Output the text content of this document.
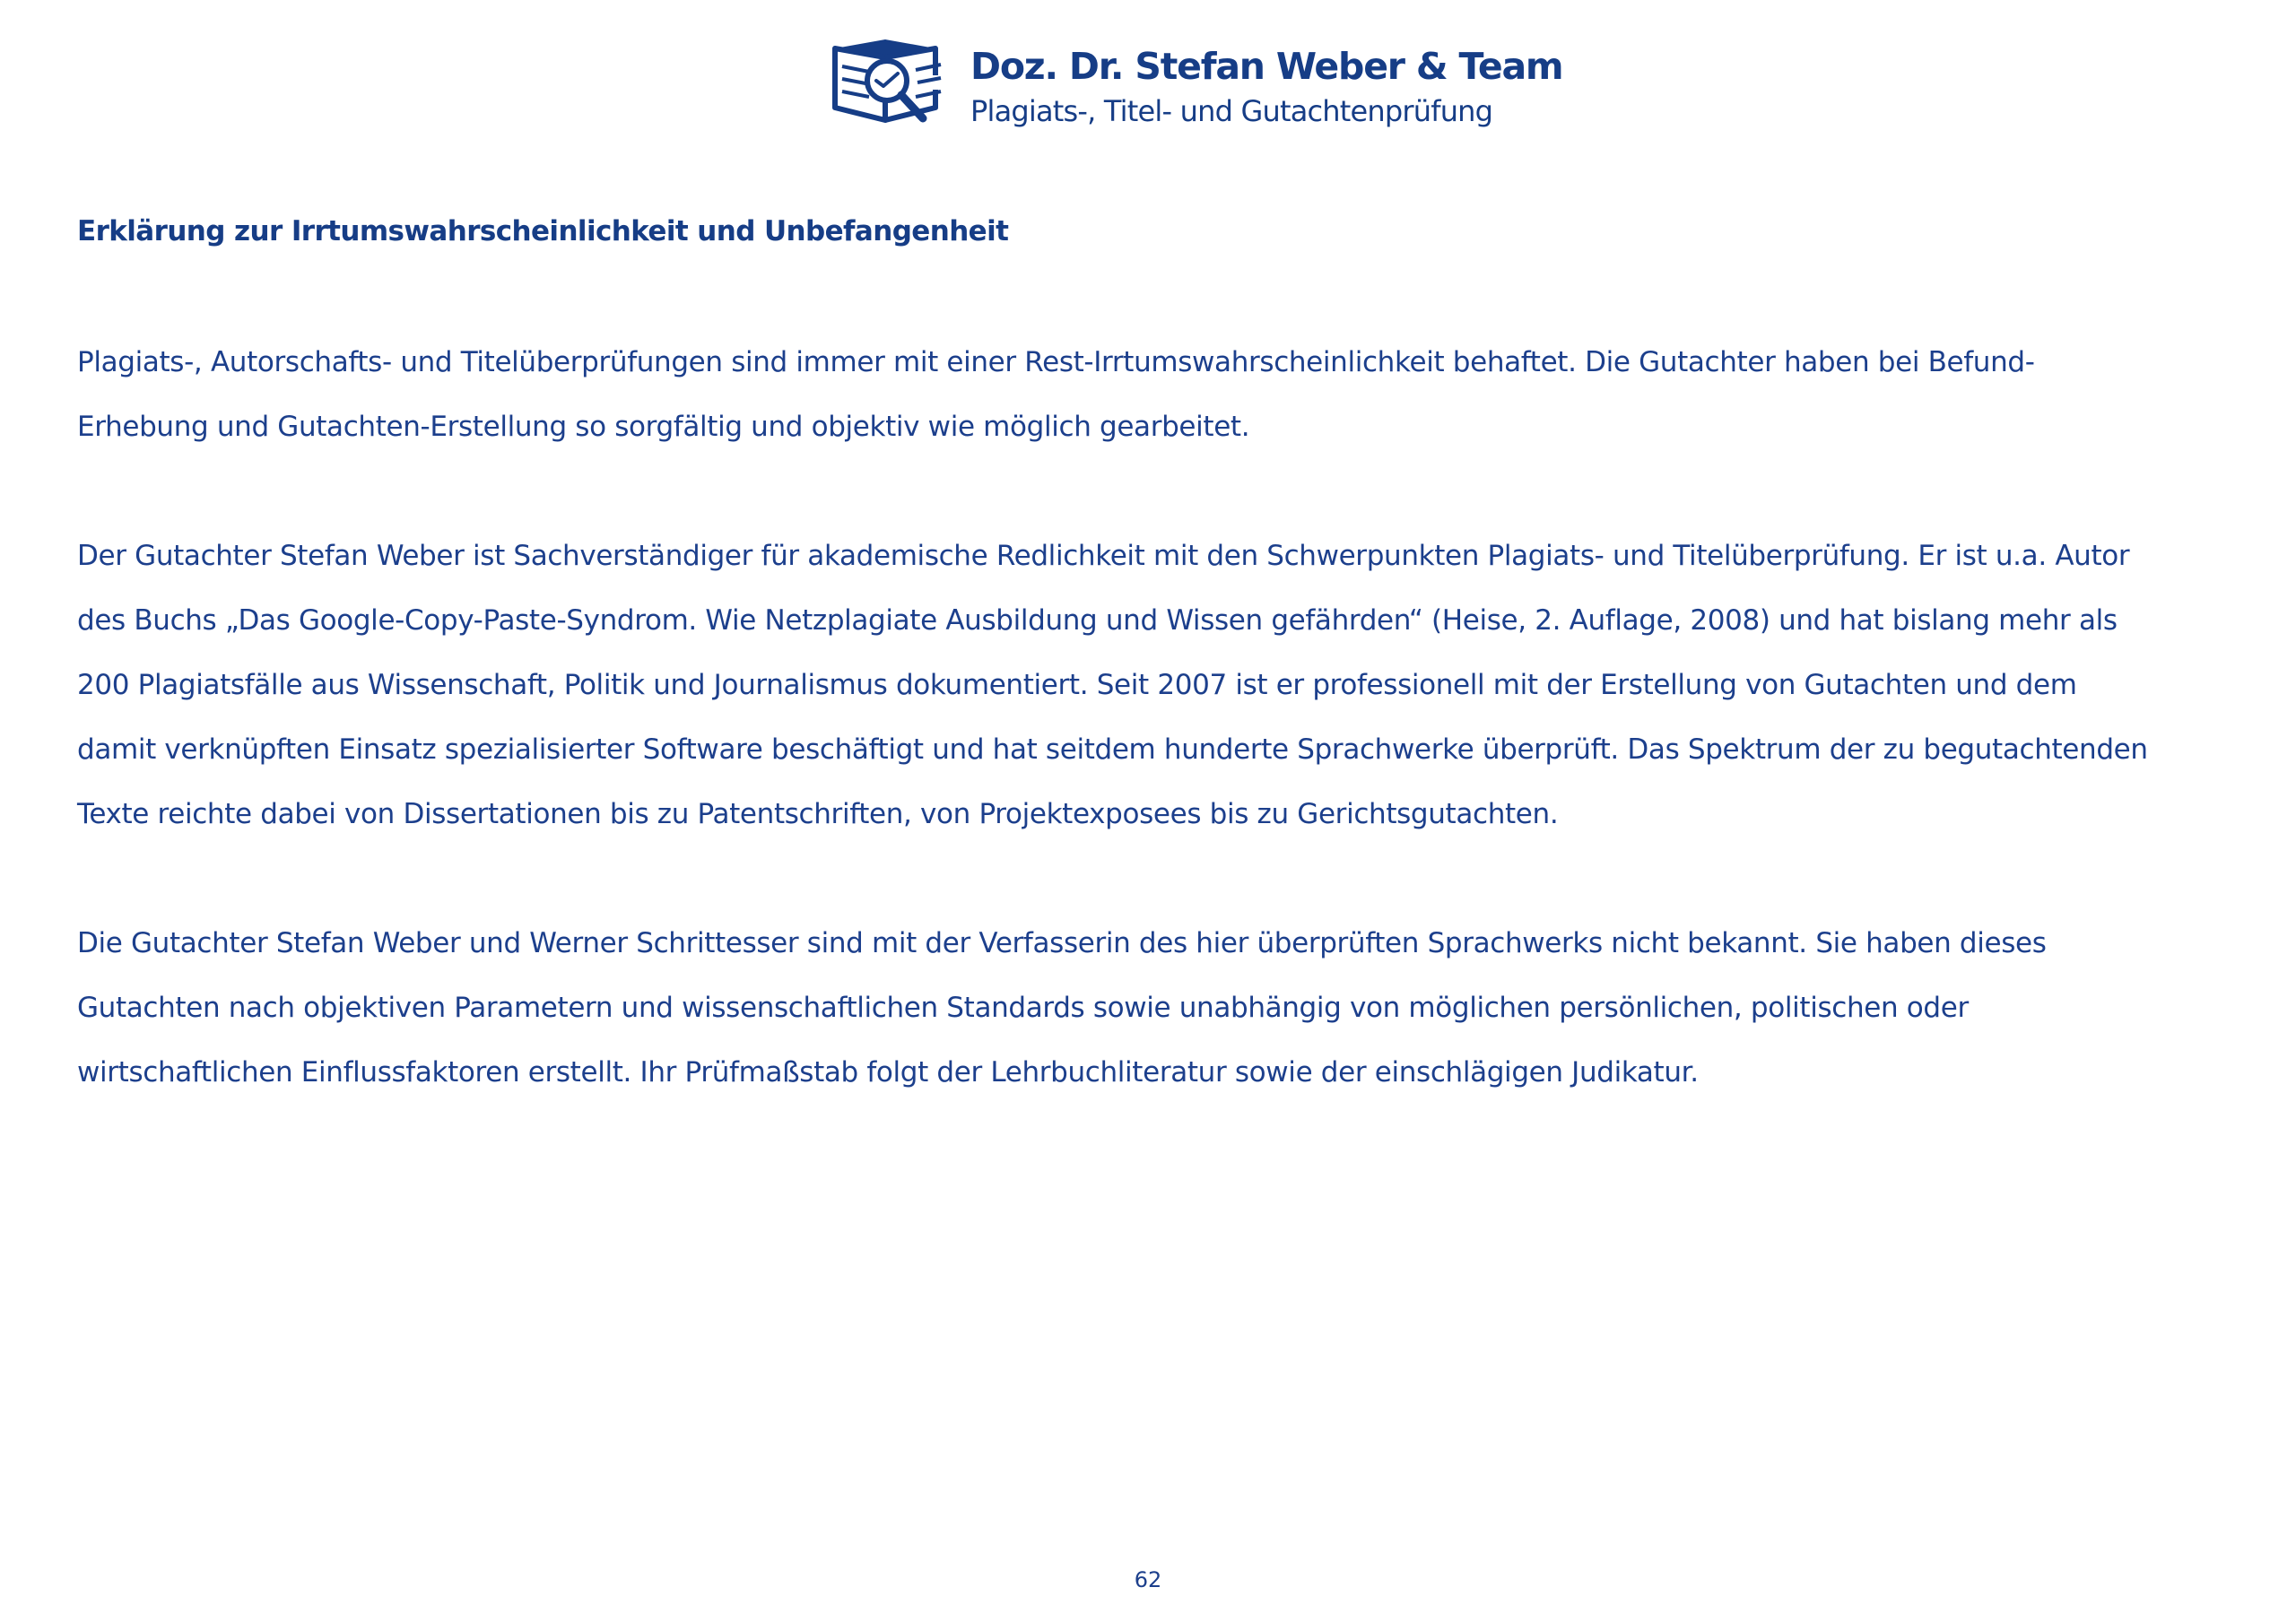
Doz. Dr. Stefan Weber & Team
Plagiats-, Titel- und Gutachtenprüfung
Erklärung zur Irrtumswahrscheinlichkeit und Unbefangenheit
Plagiats-, Autorschafts- und Titelüberprüfungen sind immer mit einer Rest-Irrtumswahrscheinlichkeit behaftet. Die Gutachter haben bei Befund-
Erhebung und Gutachten-Erstellung so sorgfältig und objektiv wie möglich gearbeitet.
Der Gutachter Stefan Weber ist Sachverständiger für akademische Redlichkeit mit den Schwerpunkten Plagiats- und Titelüberprüfung. Er ist u.a. Autor
des Buchs „Das Google-Copy-Paste-Syndrom. Wie Netzplagiate Ausbildung und Wissen gefährden“ (Heise, 2. Auflage, 2008) und hat bislang mehr als
200 Plagiatsfälle aus Wissenschaft, Politik und Journalismus dokumentiert. Seit 2007 ist er professionell mit der Erstellung von Gutachten und dem
damit verknüpften Einsatz spezialisierter Software beschäftigt und hat seitdem hunderte Sprachwerke überprüft. Das Spektrum der zu begutachtenden
Texte reichte dabei von Dissertationen bis zu Patentschriften, von Projektexposees bis zu Gerichtsgutachten.
Die Gutachter Stefan Weber und Werner Schrittesser sind mit der Verfasserin des hier überprüften Sprachwerks nicht bekannt. Sie haben dieses
Gutachten nach objektiven Parametern und wissenschaftlichen Standards sowie unabhängig von möglichen persönlichen, politischen oder
wirtschaftlichen Einflussfaktoren erstellt. Ihr Prüfmaßstab folgt der Lehrbuchliteratur sowie der einschlägigen Judikatur.
62
